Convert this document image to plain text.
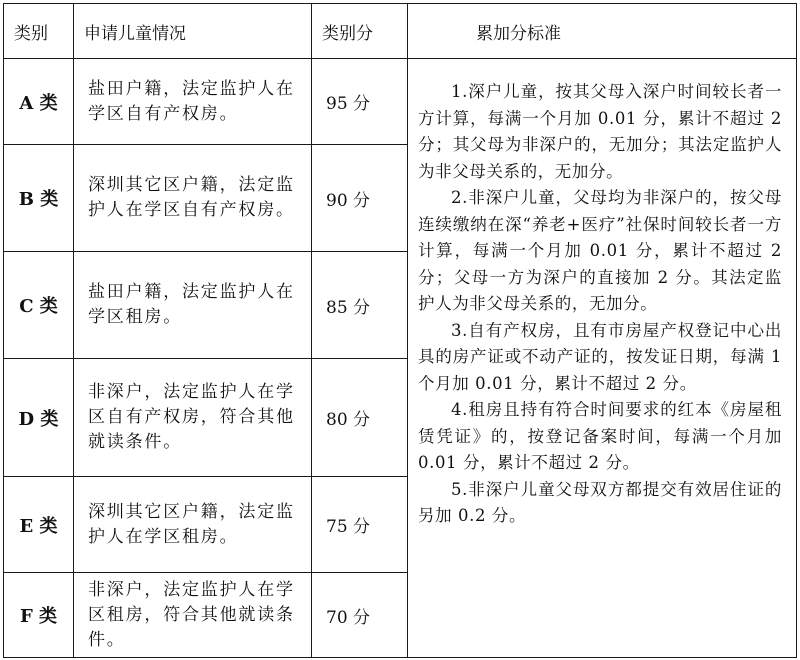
类别	申请儿童情况	类别分	累加分标准
A 类	盐田户籍，法定监护人在学区自有产权房。	95 分	1.深户儿童，按其父母入深户时间较长者一方计算，每满一个月加 0.01 分，累计不超过 2 分；其父母为非深户的，无加分；其法定监护人为非父母关系的，无加分。

2.非深户儿童，父母均为非深户的，按父母连续缴纳在深“养老+医疗”社保时间较长者一方计算，每满一个月加 0.01 分，累计不超过 2 分；父母一方为深户的直接加 2 分。其法定监护人为非父母关系的，无加分。

3.自有产权房，且有市房屋产权登记中心出具的房产证或不动产证的，按发证日期，每满 1 个月加 0.01 分，累计不超过 2 分。

4.租房且持有符合时间要求的红本《房屋租赁凭证》的，按登记备案时间，每满一个月加 0.01 分，累计不超过 2 分。

5.非深户儿童父母双方都提交有效居住证的另加 0.2 分。

B 类	深圳其它区户籍，法定监护人在学区自有产权房。	90 分	
C 类	盐田户籍，法定监护人在学区租房。	85 分	
D 类	非深户，法定监护人在学区自有产权房，符合其他就读条件。	80 分	
E 类	深圳其它区户籍，法定监护人在学区租房。	75 分	
F 类	非深户，法定监护人在学区租房，符合其他就读条件。	70 分	
